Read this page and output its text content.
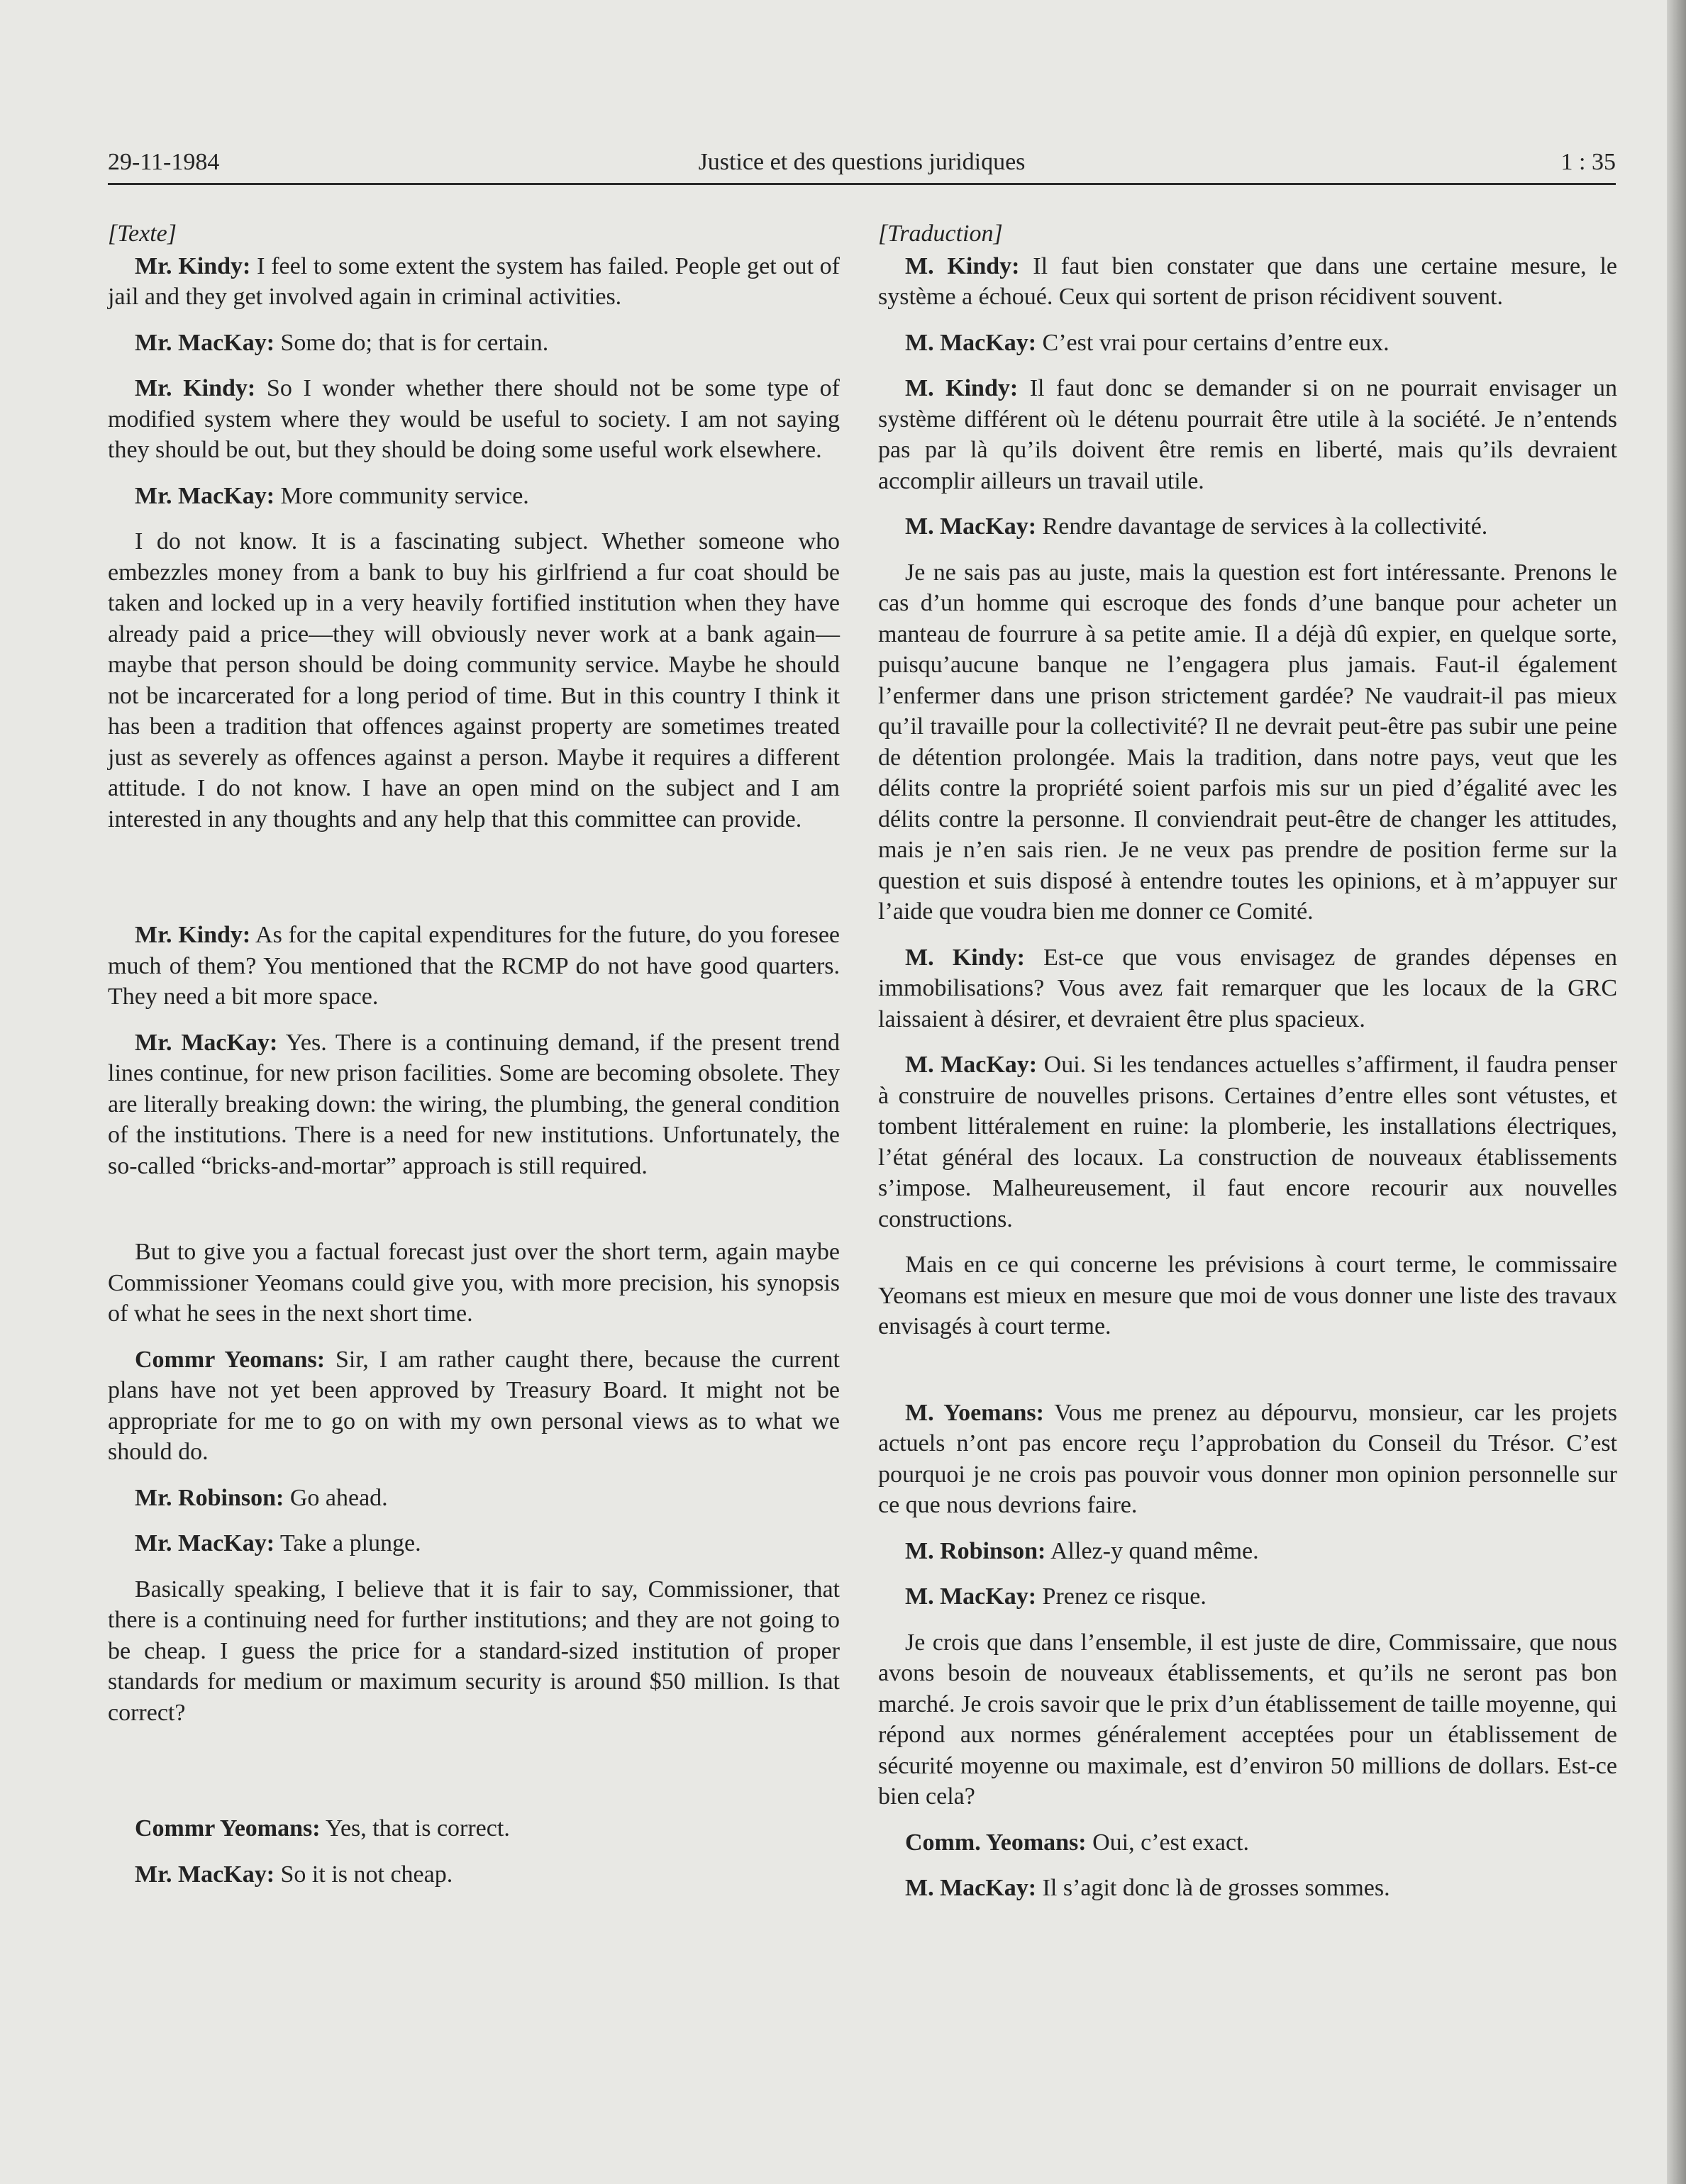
29-11-1984	Justice et des questions juridiques	1 : 35
[Texte]

Mr. Kindy: I feel to some extent the system has failed. People get out of jail and they get involved again in criminal activities.

Mr. MacKay: Some do; that is for certain.

Mr. Kindy: So I wonder whether there should not be some type of modified system where they would be useful to society. I am not saying they should be out, but they should be doing some useful work elsewhere.

Mr. MacKay: More community service.

I do not know. It is a fascinating subject. Whether someone who embezzles money from a bank to buy his girlfriend a fur coat should be taken and locked up in a very heavily fortified institution when they have already paid a price—they will obviously never work at a bank again—maybe that person should be doing community service. Maybe he should not be incarcerated for a long period of time. But in this country I think it has been a tradition that offences against property are sometimes treated just as severely as offences against a person. Maybe it requires a different attitude. I do not know. I have an open mind on the subject and I am interested in any thoughts and any help that this committee can provide.

Mr. Kindy: As for the capital expenditures for the future, do you foresee much of them? You mentioned that the RCMP do not have good quarters. They need a bit more space.

Mr. MacKay: Yes. There is a continuing demand, if the present trend lines continue, for new prison facilities. Some are becoming obsolete. They are literally breaking down: the wiring, the plumbing, the general condition of the institutions. There is a need for new institutions. Unfortunately, the so-called “bricks-and-mortar” approach is still required.

But to give you a factual forecast just over the short term, again maybe Commissioner Yeomans could give you, with more precision, his synopsis of what he sees in the next short time.

Commr Yeomans: Sir, I am rather caught there, because the current plans have not yet been approved by Treasury Board. It might not be appropriate for me to go on with my own personal views as to what we should do.

Mr. Robinson: Go ahead.

Mr. MacKay: Take a plunge.

Basically speaking, I believe that it is fair to say, Commissioner, that there is a continuing need for further institutions; and they are not going to be cheap. I guess the price for a standard-sized institution of proper standards for medium or maximum security is around $50 million. Is that correct?

Commr Yeomans: Yes, that is correct.

Mr. MacKay: So it is not cheap.

[Traduction]

M. Kindy: Il faut bien constater que dans une certaine mesure, le système a échoué. Ceux qui sortent de prison récidivent souvent.

M. MacKay: C’est vrai pour certains d’entre eux.

M. Kindy: Il faut donc se demander si on ne pourrait envisager un système différent où le détenu pourrait être utile à la société. Je n’entends pas par là qu’ils doivent être remis en liberté, mais qu’ils devraient accomplir ailleurs un travail utile.

M. MacKay: Rendre davantage de services à la collectivité.

Je ne sais pas au juste, mais la question est fort intéressante. Prenons le cas d’un homme qui escroque des fonds d’une banque pour acheter un manteau de fourrure à sa petite amie. Il a déjà dû expier, en quelque sorte, puisqu’aucune banque ne l’engagera plus jamais. Faut-il également l’enfermer dans une prison strictement gardée? Ne vaudrait-il pas mieux qu’il travaille pour la collectivité? Il ne devrait peut-être pas subir une peine de détention prolongée. Mais la tradition, dans notre pays, veut que les délits contre la propriété soient parfois mis sur un pied d’égalité avec les délits contre la personne. Il conviendrait peut-être de changer les attitudes, mais je n’en sais rien. Je ne veux pas prendre de position ferme sur la question et suis disposé à entendre toutes les opinions, et à m’appuyer sur l’aide que voudra bien me donner ce Comité.

M. Kindy: Est-ce que vous envisagez de grandes dépenses en immobilisations? Vous avez fait remarquer que les locaux de la GRC laissaient à désirer, et devraient être plus spacieux.

M. MacKay: Oui. Si les tendances actuelles s’affirment, il faudra penser à construire de nouvelles prisons. Certaines d’entre elles sont vétustes, et tombent littéralement en ruine: la plomberie, les installations électriques, l’état général des locaux. La construction de nouveaux établissements s’impose. Malheureusement, il faut encore recourir aux nouvelles constructions.

Mais en ce qui concerne les prévisions à court terme, le commissaire Yeomans est mieux en mesure que moi de vous donner une liste des travaux envisagés à court terme.

M. Yoemans: Vous me prenez au dépourvu, monsieur, car les projets actuels n’ont pas encore reçu l’approbation du Conseil du Trésor. C’est pourquoi je ne crois pas pouvoir vous donner mon opinion personnelle sur ce que nous devrions faire.

M. Robinson: Allez-y quand même.

M. MacKay: Prenez ce risque.

Je crois que dans l’ensemble, il est juste de dire, Commissaire, que nous avons besoin de nouveaux établissements, et qu’ils ne seront pas bon marché. Je crois savoir que le prix d’un établissement de taille moyenne, qui répond aux normes généralement acceptées pour un établissement de sécurité moyenne ou maximale, est d’environ 50 millions de dollars. Est-ce bien cela?

Comm. Yeomans: Oui, c’est exact.

M. MacKay: Il s’agit donc là de grosses sommes.
